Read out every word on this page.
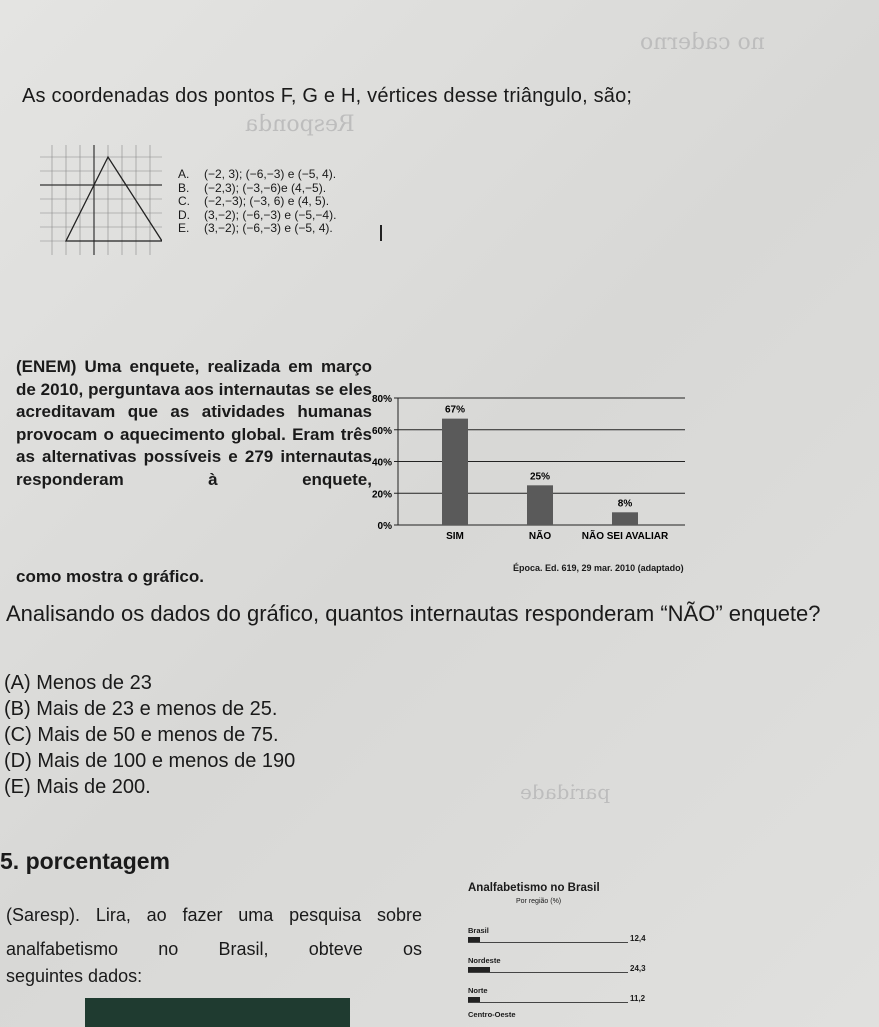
Responda
no caderno
paridade
As coordenadas dos pontos F, G e H, vértices desse triângulo, são;
A.	(−2, 3); (−6,−3) e (−5, 4).
B.	(−2,3); (−3,−6)e (4,−5).
C.	(−2,−3); (−3, 6) e (4, 5).
D.	(3,−2); (−6,−3) e (−5,−4).
E.	(3,−2); (−6,−3) e (−5, 4).
(ENEM) Uma enquete, realizada em março de 2010, perguntava aos internautas se eles acreditavam que as atividades humanas provocam o aquecimento global. Eram três as alternativas possíveis e 279 internautas responderam à enquete,
como mostra o gráfico.
0%
20%
40%
60%
80%
67%
SIM
25%
NÃO
8%
NÃO SEI AVALIAR
Época. Ed. 619, 29 mar. 2010 (adaptado)
Analisando os dados do gráfico, quantos internautas responderam “NÃO” enquete?
(A) Menos de 23
(B) Mais de 23 e menos de 25.
(C) Mais de 50 e menos de 75.
(D) Mais de 100 e menos de 190
(E) Mais de 200.
5. porcentagem
(Saresp). Lira, ao fazer uma pesquisa sobre analfabetismo no Brasil, obteve os
seguintes dados:
Analfabetismo no Brasil
Por região (%)
Brasil
12,4
Nordeste
24,3
Norte
11,2
Centro-Oeste
